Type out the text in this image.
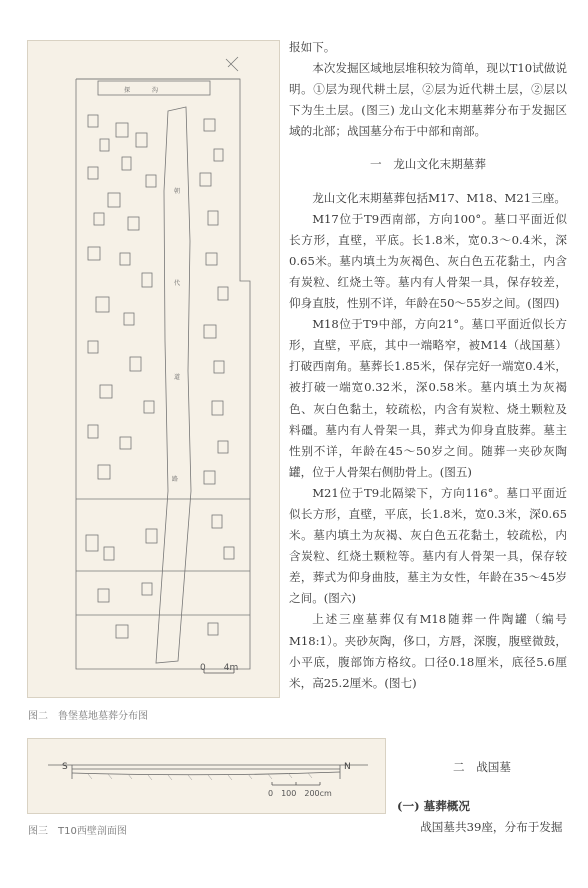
0　　4m
探	沟
朝
代
道
路
图二　鲁堡墓地墓葬分布图
S	N
0　100　200cm
图三　T10西壁剖面图

报如下。

本次发掘区域地层堆积较为简单，现以T10试做说明。①层为现代耕土层，②层为近代耕土层，②层以下为生土层。(图三) 龙山文化末期墓葬分布于发掘区域的北部；战国墓分布于中部和南部。

一　龙山文化末期墓葬

龙山文化末期墓葬包括M17、M18、M21三座。

M17位于T9西南部，方向100°。墓口平面近似长方形，直壁，平底。长1.8米，宽0.3～0.4米，深0.65米。墓内填土为灰褐色、灰白色五花黏土，内含有炭粒、红烧土等。墓内有人骨架一具，保存较差，仰身直肢，性别不详，年龄在50～55岁之间。(图四)

M18位于T9中部，方向21°。墓口平面近似长方形，直壁，平底，其中一端略窄，被M14（战国墓）打破西南角。墓葬长1.85米，保存完好一端宽0.4米，被打破一端宽0.32米，深0.58米。墓内填土为灰褐色、灰白色黏土，较疏松，内含有炭粒、烧土颗粒及料礓。墓内有人骨架一具，葬式为仰身直肢葬。墓主性别不详，年龄在45～50岁之间。随葬一夹砂灰陶罐，位于人骨架右侧肋骨上。(图五)

M21位于T9北隔梁下，方向116°。墓口平面近似长方形，直壁，平底，长1.8米，宽0.3米，深0.65米。墓内填土为灰褐、灰白色五花黏土，较疏松，内含炭粒、红烧土颗粒等。墓内有人骨架一具，保存较差，葬式为仰身曲肢，墓主为女性，年龄在35～45岁之间。(图六)

上述三座墓葬仅有M18随葬一件陶罐（编号M18:1）。夹砂灰陶，侈口，方唇，深腹，腹壁微鼓，小平底，腹部饰方格纹。口径0.18厘米，底径5.6厘米，高25.2厘米。(图七)

二　战国墓

(一) 墓葬概况

战国墓共39座，分布于发掘
